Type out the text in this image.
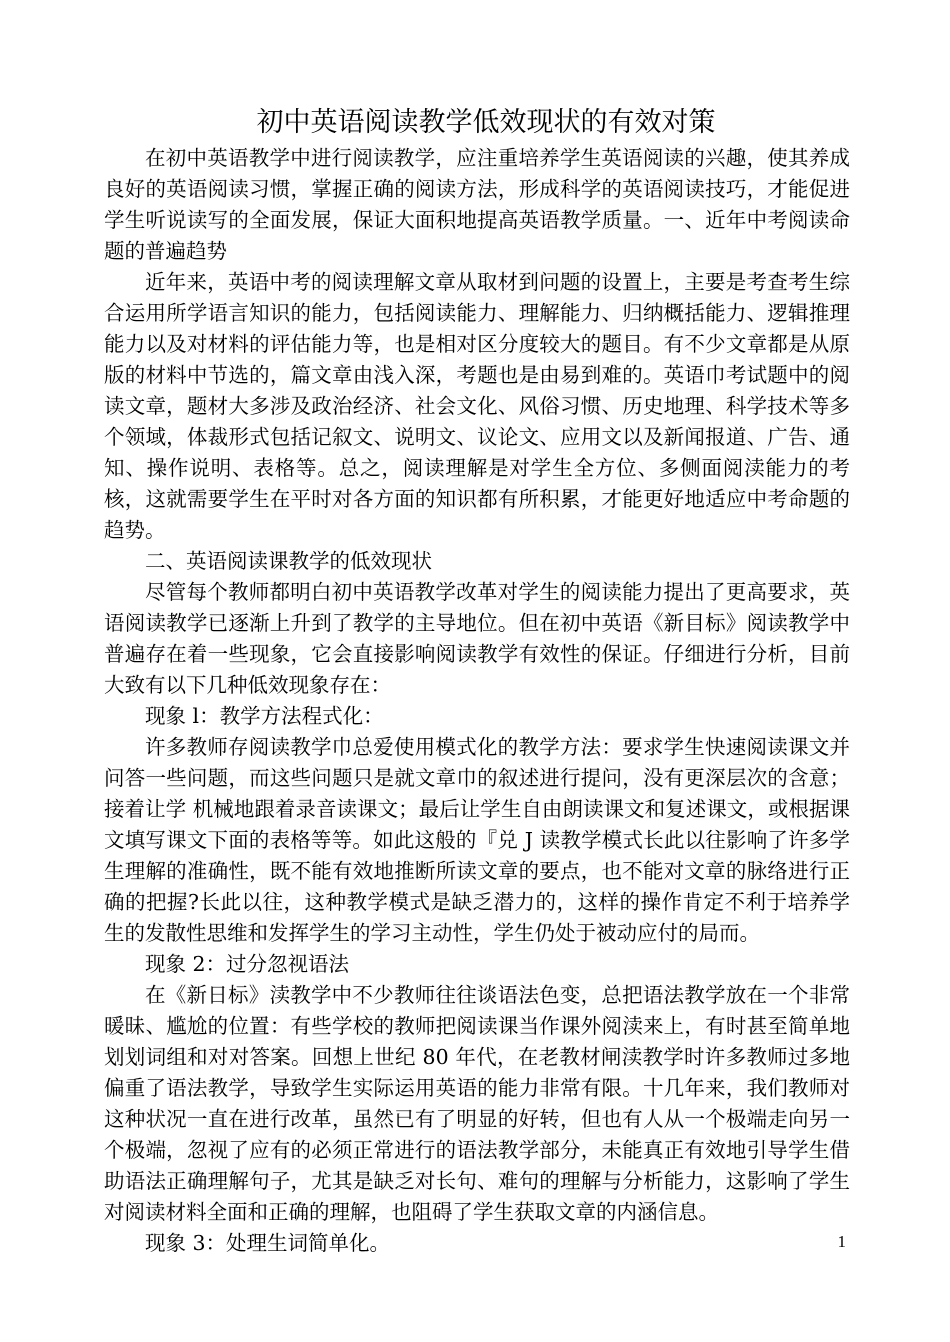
初中英语阅读教学低效现状的有效对策

在初中英语教学中进行阅读教学，应注重培养学生英语阅读的兴趣，使其养成良好的英语阅读习惯，掌握正确的阅读方法，形成科学的英语阅读技巧，才能促进学生听说读写的全面发展，保证大面积地提高英语教学质量。一、近年中考阅读命题的普遍趋势

近年来，英语中考的阅读理解文章从取材到问题的设置上，主要是考查考生综合运用所学语言知识的能力，包括阅读能力、理解能力、归纳概括能力、逻辑推理能力以及对材料的评估能力等，也是相对区分度较大的题目。有不少文章都是从原版的材料中节选的，篇文章由浅入深，考题也是由易到难的。英语巾考试题中的阅读文章，题材大多涉及政治经济、社会文化、风俗习惯、历史地理、科学技术等多个领域，体裁形式包括记叙文、说明文、议论文、应用文以及新闻报道、广告、通知、操作说明、表格等。总之，阅读理解是对学生全方位、多侧面阅渎能力的考核，这就需要学生在平时对各方面的知识都有所积累，才能更好地适应中考命题的趋势。

二、英语阅读课教学的低效现状

尽管每个教师都明白初中英语教学改革对学生的阅读能力提出了更高要求，英语阅读教学已逐渐上升到了教学的主导地位。但在初中英语《新目标》阅读教学中普遍存在着一些现象，它会直接影响阅读教学有效性的保证。仔细进行分析，目前大致有以下几种低效现象存在：

现象 l：教学方法程式化：

许多教师存阅读教学巾总爱使用模式化的教学方法：要求学生快速阅读课文并问答一些问题，而这些问题只是就文章巾的叙述进行提问，没有更深层次的含意；接着让学 机械地跟着录音读课文；最后让学生自由朗读课文和复述课文，或根据课文填写课文下面的表格等等。如此这般的『兑 J 读教学模式长此以往影响了许多学生理解的准确性，既不能有效地推断所读文章的要点，也不能对文章的脉络进行正确的把握?长此以往，这种教学模式是缺乏潜力的，这样的操作肯定不利于培养学生的发散性思维和发挥学生的学习主动性，学生仍处于被动应付的局而。

现象 2：过分忽视语法

在《新日标》渎教学中不少教师往往谈语法色变，总把语法教学放在一个非常暖昧、尴尬的位置：有些学校的教师把阅读课当作课外阅渎来上，有时甚至简单地划划词组和对对答案。回想上世纪 80 年代，在老教材闸渎教学时许多教师过多地偏重了语法教学，导致学生实际运用英语的能力非常有限。十几年来，我们教师对这种状况一直在进行改革，虽然已有了明显的好转，但也有人从一个极端走向另一个极端，忽视了应有的必须正常进行的语法教学部分，未能真正有效地引导学生借助语法正确理解句子，尤其是缺乏对长句、难句的理解与分析能力，这影响了学生对阅读材料全面和正确的理解，也阻碍了学生获取文章的内涵信息。

现象 3：处理生词简单化。	1
